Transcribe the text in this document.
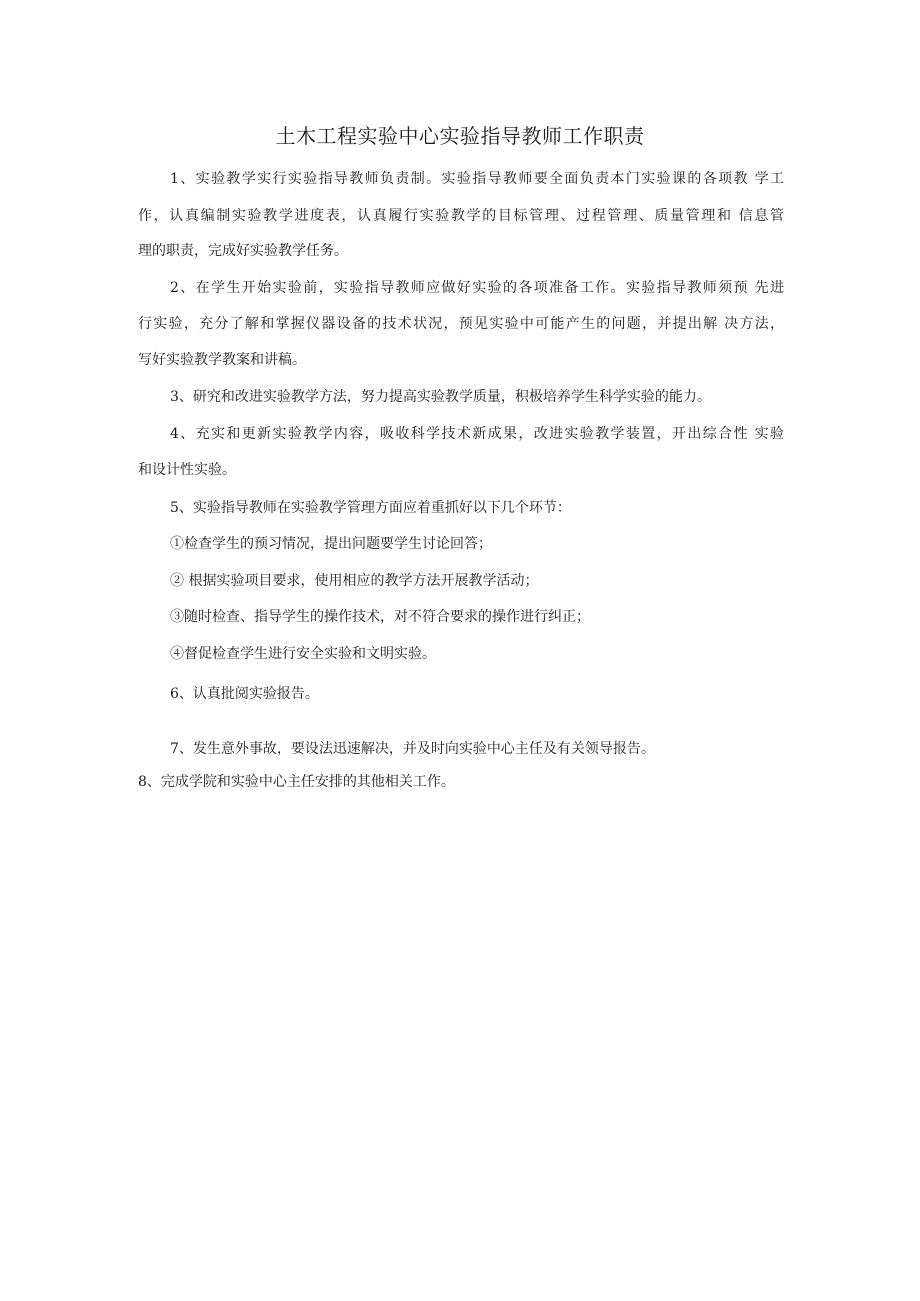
土木工程实验中心实验指导教师工作职责
1、实验教学实行实验指导教师负责制。实验指导教师要全面负责本门实验课的各项教 学工
作，认真编制实验教学进度表，认真履行实验教学的目标管理、过程管理、质量管理和 信息管
理的职责，完成好实验教学任务。
2、在学生开始实验前，实验指导教师应做好实验的各项准备工作。实验指导教师须预 先进
行实验，充分了解和掌握仪器设备的技术状况，预见实验中可能产生的问题，并提出解 决方法，
写好实验教学教案和讲稿。
3、研究和改进实验教学方法，努力提高实验教学质量，积极培养学生科学实验的能力。
4、充实和更新实验教学内容，吸收科学技术新成果，改进实验教学装置，开出综合性 实验
和设计性实验。
5、实验指导教师在实验教学管理方面应着重抓好以下几个环节：
①检查学生的预习情况，提出问题要学生讨论回答；
② 根据实验项目要求，使用相应的教学方法开展教学活动；
③随时检查、指导学生的操作技术，对不符合要求的操作进行纠正；
④督促检查学生进行安全实验和文明实验。
6、认真批阅实验报告。
7、发生意外事故，要设法迅速解决，并及时向实验中心主任及有关领导报告。
8、完成学院和实验中心主任安排的其他相关工作。
